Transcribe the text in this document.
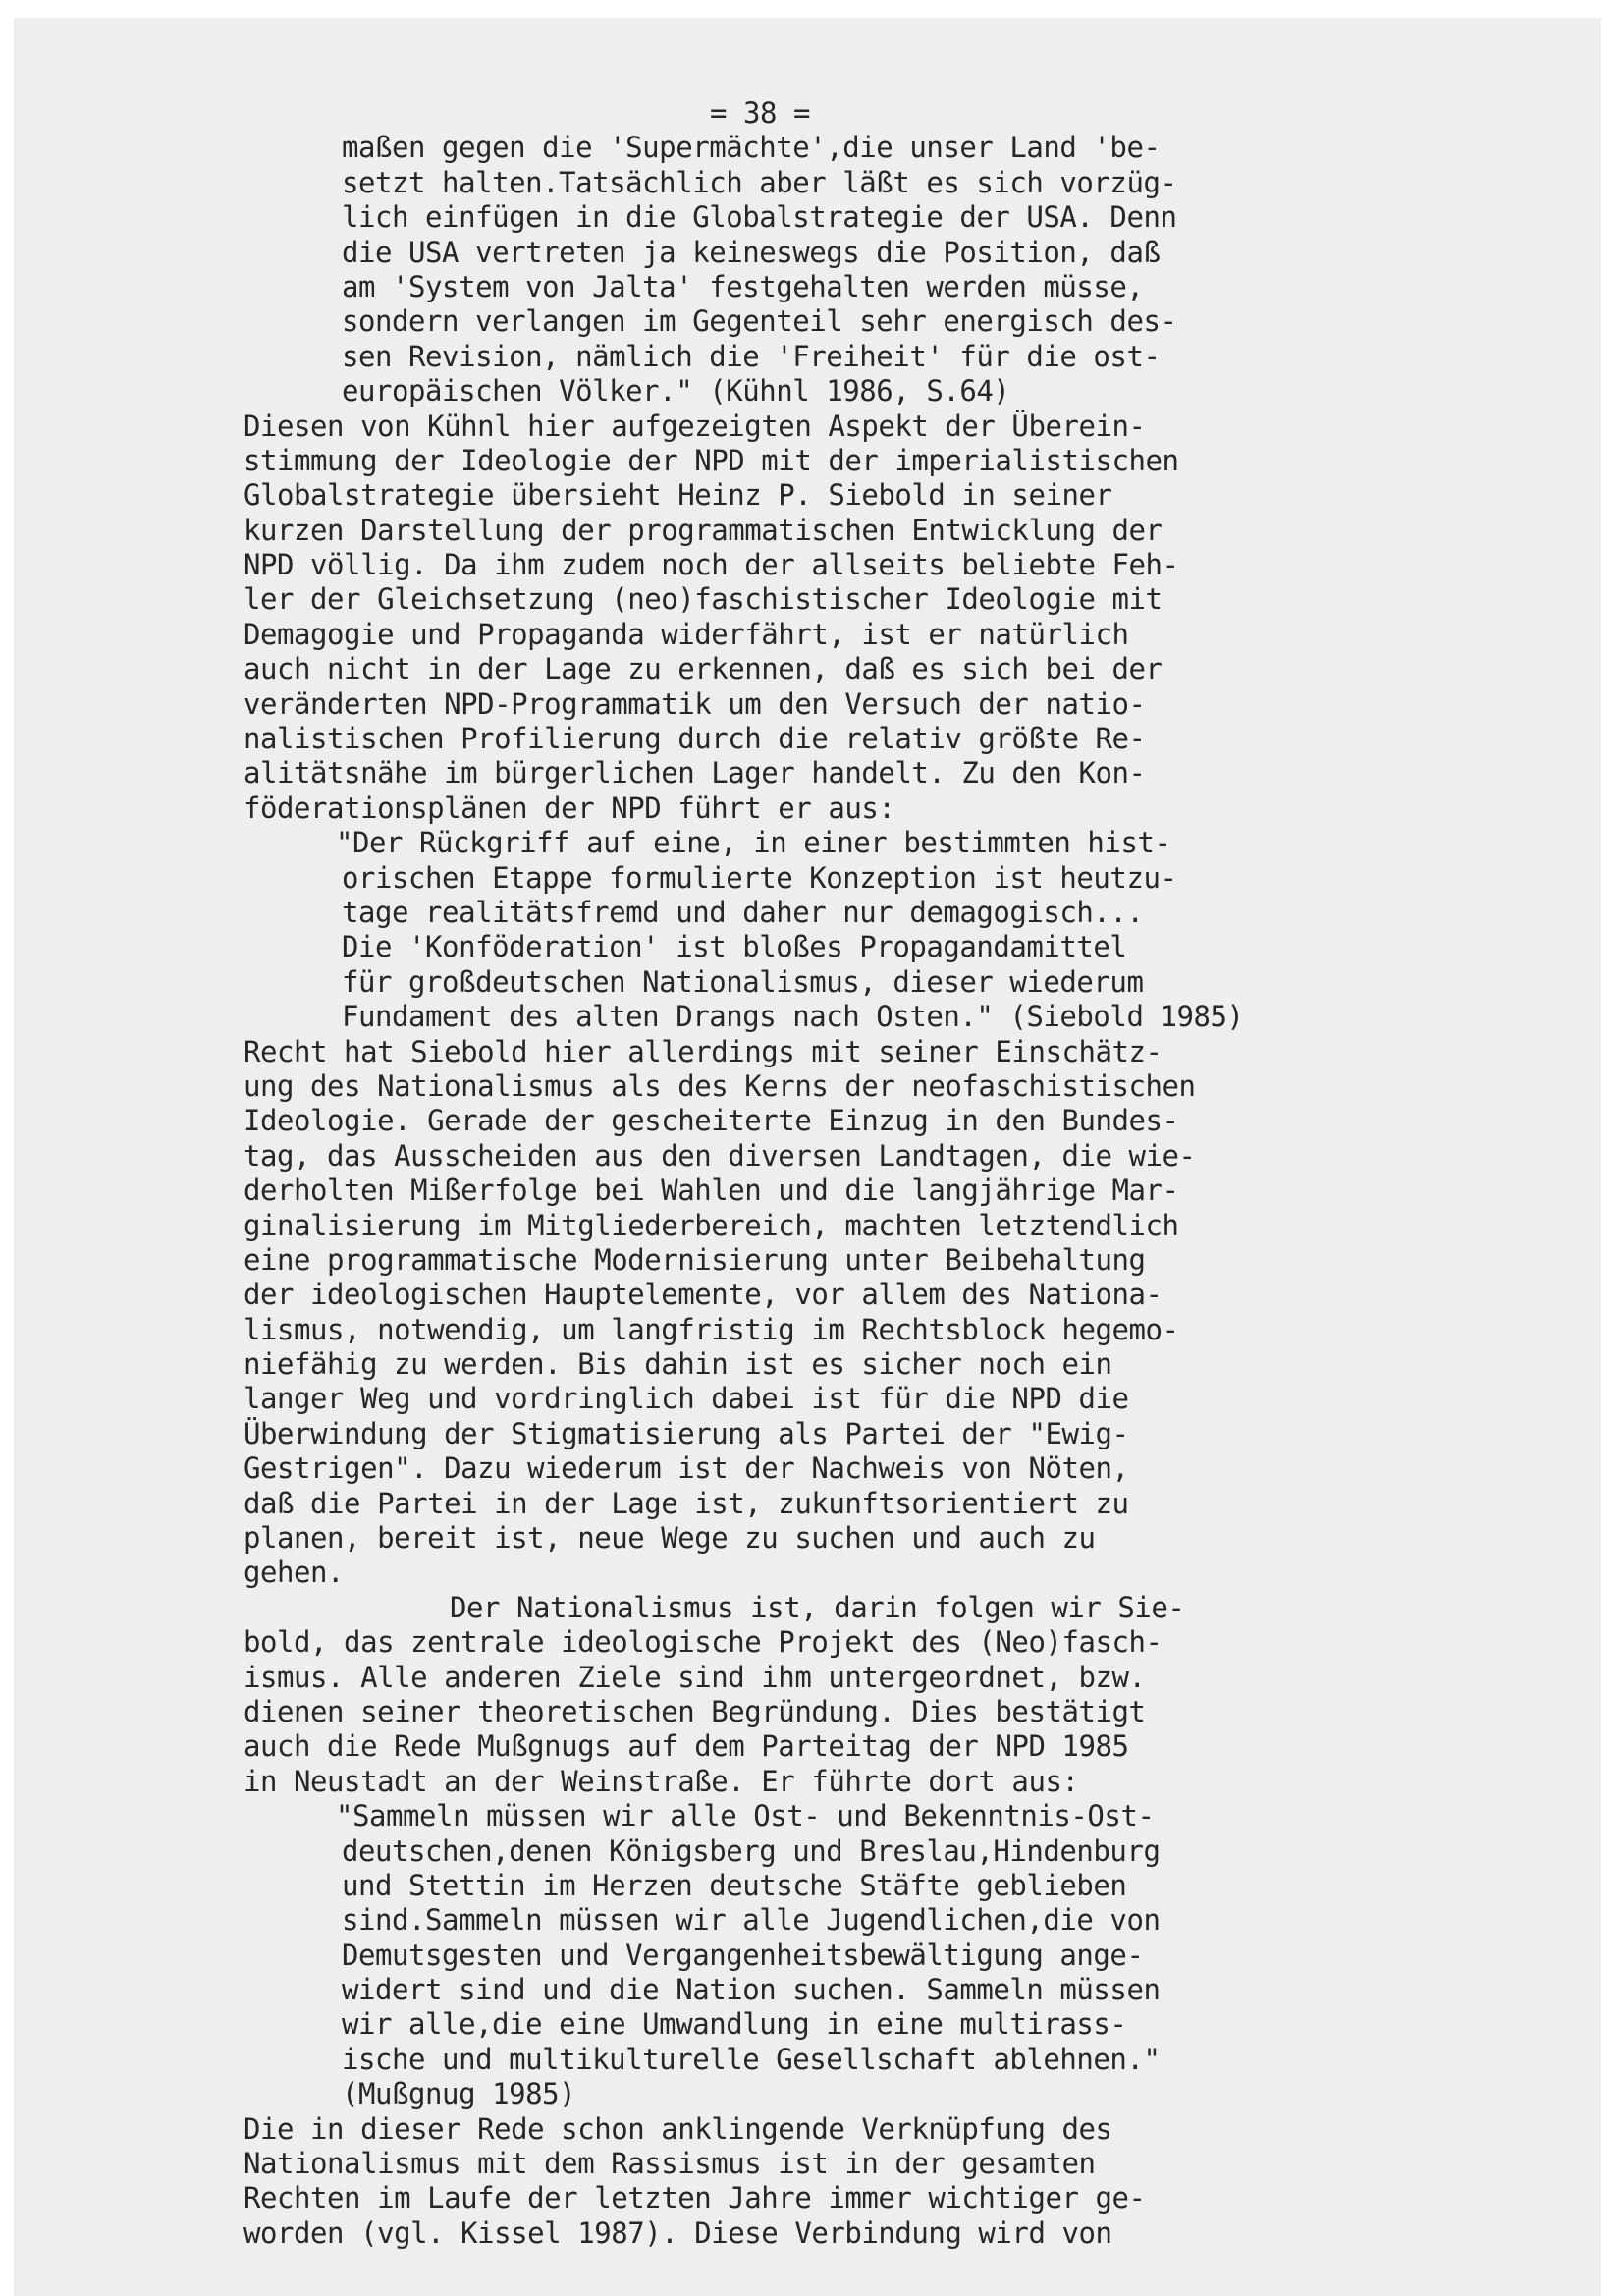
= 38 =
maßen gegen die 'Supermächte',die unser Land 'be-
setzt halten.Tatsächlich aber läßt es sich vorzüg-
lich einfügen in die Globalstrategie der USA. Denn
die USA vertreten ja keineswegs die Position, daß
am 'System von Jalta' festgehalten werden müsse,
sondern verlangen im Gegenteil sehr energisch des-
sen Revision, nämlich die 'Freiheit' für die ost-
europäischen Völker." (Kühnl 1986, S.64)
Diesen von Kühnl hier aufgezeigten Aspekt der Überein-
stimmung der Ideologie der NPD mit der imperialistischen
Globalstrategie übersieht Heinz P. Siebold in seiner
kurzen Darstellung der programmatischen Entwicklung der
NPD völlig. Da ihm zudem noch der allseits beliebte Feh-
ler der Gleichsetzung (neo)faschistischer Ideologie mit
Demagogie und Propaganda widerfährt, ist er natürlich
auch nicht in der Lage zu erkennen, daß es sich bei der
veränderten NPD-Programmatik um den Versuch der natio-
nalistischen Profilierung durch die relativ größte Re-
alitätsnähe im bürgerlichen Lager handelt. Zu den Kon-
föderationsplänen der NPD führt er aus:
"Der Rückgriff auf eine, in einer bestimmten hist-
orischen Etappe formulierte Konzeption ist heutzu-
tage realitätsfremd und daher nur demagogisch...
Die 'Konföderation' ist bloßes Propagandamittel
für großdeutschen Nationalismus, dieser wiederum
Fundament des alten Drangs nach Osten." (Siebold 1985)
Recht hat Siebold hier allerdings mit seiner Einschätz-
ung des Nationalismus als des Kerns der neofaschistischen
Ideologie. Gerade der gescheiterte Einzug in den Bundes-
tag, das Ausscheiden aus den diversen Landtagen, die wie-
derholten Mißerfolge bei Wahlen und die langjährige Mar-
ginalisierung im Mitgliederbereich, machten letztendlich
eine programmatische Modernisierung unter Beibehaltung
der ideologischen Hauptelemente, vor allem des Nationa-
lismus, notwendig, um langfristig im Rechtsblock hegemo-
niefähig zu werden. Bis dahin ist es sicher noch ein
langer Weg und vordringlich dabei ist für die NPD die
Überwindung der Stigmatisierung als Partei der "Ewig-
Gestrigen". Dazu wiederum ist der Nachweis von Nöten,
daß die Partei in der Lage ist, zukunftsorientiert zu
planen, bereit ist, neue Wege zu suchen und auch zu
gehen.
Der Nationalismus ist, darin folgen wir Sie-
bold, das zentrale ideologische Projekt des (Neo)fasch-
ismus. Alle anderen Ziele sind ihm untergeordnet, bzw.
dienen seiner theoretischen Begründung. Dies bestätigt
auch die Rede Mußgnugs auf dem Parteitag der NPD 1985
in Neustadt an der Weinstraße. Er führte dort aus:
"Sammeln müssen wir alle Ost- und Bekenntnis-Ost-
deutschen,denen Königsberg und Breslau,Hindenburg
und Stettin im Herzen deutsche Stäfte geblieben
sind.Sammeln müssen wir alle Jugendlichen,die von
Demutsgesten und Vergangenheitsbewältigung ange-
widert sind und die Nation suchen. Sammeln müssen
wir alle,die eine Umwandlung in eine multirass-
ische und multikulturelle Gesellschaft ablehnen."
(Mußgnug 1985)
Die in dieser Rede schon anklingende Verknüpfung des
Nationalismus mit dem Rassismus ist in der gesamten
Rechten im Laufe der letzten Jahre immer wichtiger ge-
worden (vgl. Kissel 1987). Diese Verbindung wird von
